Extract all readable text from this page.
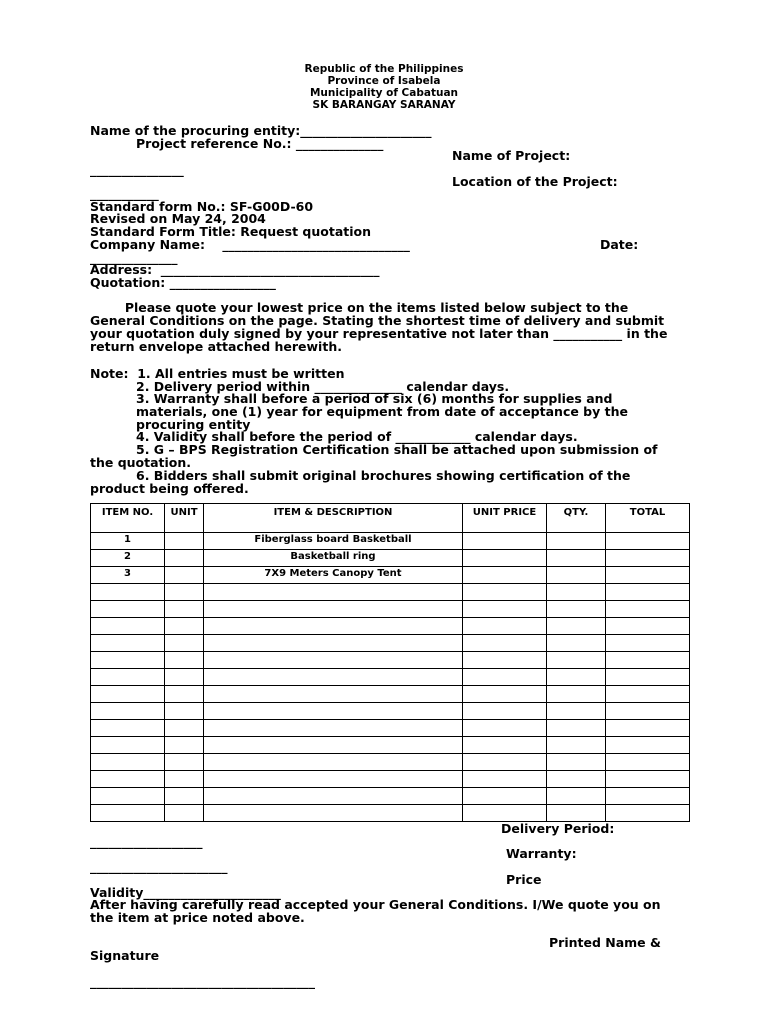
Republic of the Philippines
Province of Isabela
Municipality of Cabatuan
SK BARANGAY SARANAY
Name of the procuring entity:_____________________
Project reference No.: ______________
Name of Project:
_______________
Location of the Project:
___________
Standard form No.: SF-G00D-60
Revised on May 24, 2004
Standard Form Title: Request quotation
Company Name:    ______________________________	Date:
______________
Address:  ___________________________________
Quotation: _________________
Please quote your lowest price on the items listed below subject to the
General Conditions on the page. Stating the shortest time of delivery and submit
your quotation duly signed by your representative not later than ___________ in the
return envelope attached herewith.
Note:  1. All entries must be written
2. Delivery period within ______________ calendar days.
3. Warranty shall before a period of six (6) months for supplies and
materials, one (1) year for equipment from date of acceptance by the
procuring entity
4. Validity shall before the period of ____________ calendar days.
5. G – BPS Registration Certification shall be attached upon submission of
the quotation.
6. Bidders shall submit original brochures showing certification of the
product being offered.
ITEM NO.	UNIT	ITEM & DESCRIPTION	UNIT PRICE	QTY.	TOTAL
1		Fiberglass board Basketball			
2		Basketball ring			
3		7X9 Meters Canopy Tent			

Delivery Period:
__________________
Warranty:
______________________
Price
Validity______________________
After having carefully read accepted your General Conditions. I/We quote you on
the item at price noted above.
Printed Name &
Signature
____________________________________
